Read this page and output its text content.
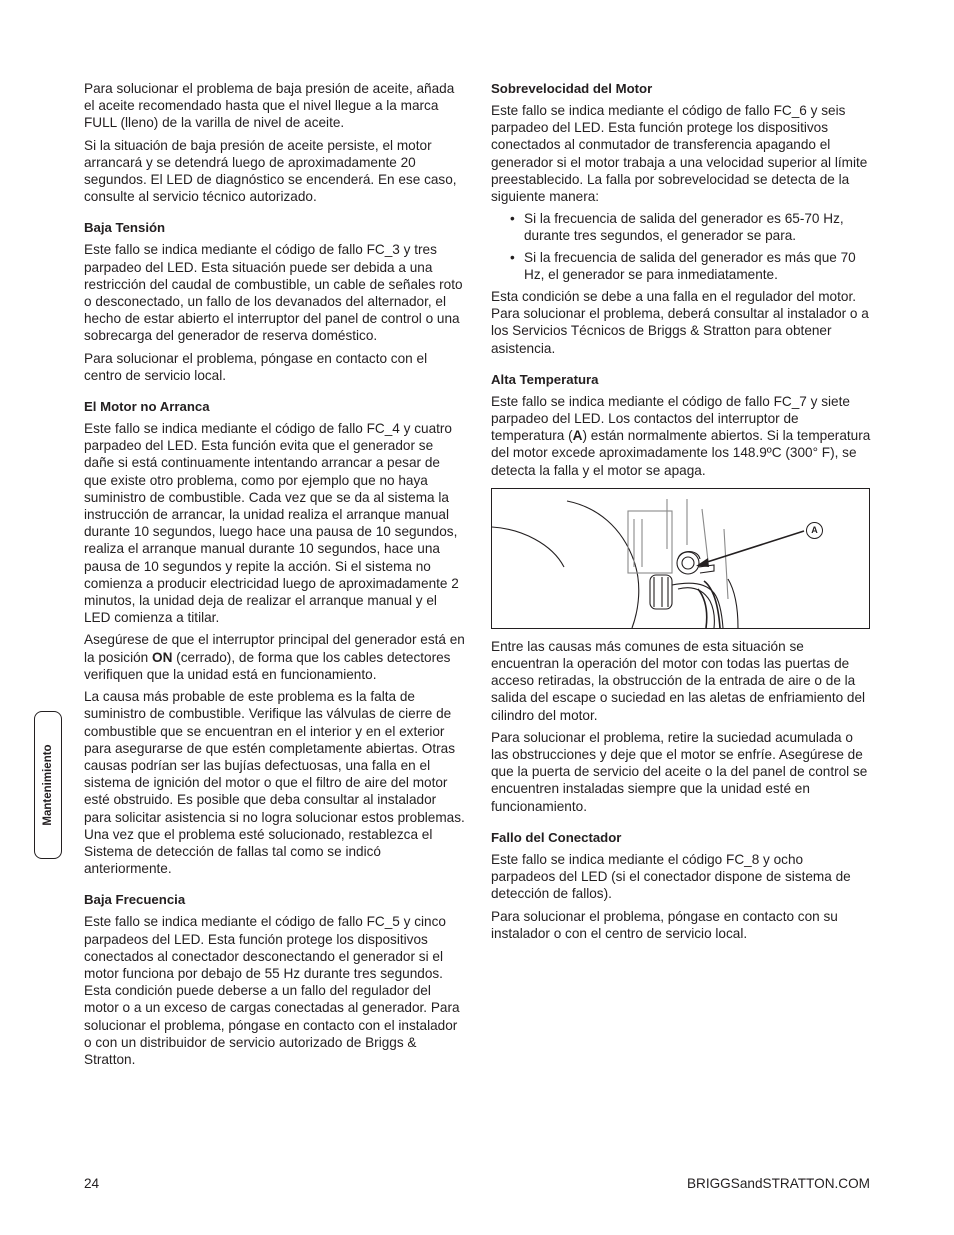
Para solucionar el problema de baja presión de aceite, añada el aceite recomendado hasta que el nivel llegue a la marca FULL (lleno) de la varilla de nivel de aceite.

Si la situación de baja presión de aceite persiste, el motor arrancará y se detendrá luego de aproximadamente 20 segundos. El LED de diagnóstico se encenderá. En ese caso, consulte al servicio técnico autorizado.

Baja Tensión

Este fallo se indica mediante el código de fallo FC_3 y tres parpadeo del LED. Esta situación puede ser debida a una restricción del caudal de combustible, un cable de señales roto o desconectado, un fallo de los devanados del alternador, el hecho de estar abierto el interruptor del panel de control o una sobrecarga del generador de reserva doméstico.

Para solucionar el problema, póngase en contacto con el centro de servicio local.

El Motor no Arranca

Este fallo se indica mediante el código de fallo FC_4 y cuatro parpadeo del LED. Esta función evita que el generador se dañe si está continuamente intentando arrancar a pesar de que existe otro problema, como por ejemplo que no haya suministro de combustible. Cada vez que se da al sistema la instrucción de arrancar, la unidad realiza el arranque manual durante 10 segundos, luego hace una pausa de 10 segundos, realiza el arranque manual durante 10 segundos, hace una pausa de 10 segundos y repite la acción. Si el sistema no comienza a producir electricidad luego de aproximadamente 2 minutos, la unidad deja de realizar el arranque manual y el LED comienza a titilar.

Asegúrese de que el interruptor principal del generador está en la posición ON (cerrado), de forma que los cables detectores verifiquen que la unidad está en funcionamiento.

La causa más probable de este problema es la falta de suministro de combustible. Verifique las válvulas de cierre de combustible que se encuentran en el interior y en el exterior para asegurarse de que estén completamente abiertas. Otras causas podrían ser las bujías defectuosas, una falla en el sistema de ignición del motor o que el filtro de aire del motor esté obstruido. Es posible que deba consultar al instalador para solicitar asistencia si no logra solucionar estos problemas. Una vez que el problema esté solucionado, restablezca el Sistema de detección de fallas tal como se indicó anteriormente.

Baja Frecuencia

Este fallo se indica mediante el código de fallo FC_5 y cinco parpadeos del LED. Esta función protege los dispositivos conectados al conectador desconectando el generador si el motor funciona por debajo de 55 Hz durante tres segundos. Esta condición puede deberse a un fallo del regulador del motor o a un exceso de cargas conectadas al generador. Para solucionar el problema, póngase en contacto con el instalador o con un distribuidor de servicio autorizado de Briggs & Stratton.

Sobrevelocidad del Motor

Este fallo se indica mediante el código de fallo FC_6 y seis parpadeo del LED. Esta función protege los dispositivos conectados al conmutador de transferencia apagando el generador si el motor trabaja a una velocidad superior al límite preestablecido. La falla por sobrevelocidad se detecta de la siguiente manera:

• Si la frecuencia de salida del generador es 65-70 Hz, durante tres segundos, el generador se para.
• Si la frecuencia de salida del generador es más que 70 Hz, el generador se para inmediatamente.

Esta condición se debe a una falla en el regulador del motor. Para solucionar el problema, deberá consultar al instalador o a los Servicios Técnicos de Briggs & Stratton para obtener asistencia.

Alta Temperatura

Este fallo se indica mediante el código de fallo FC_7 y siete parpadeo del LED. Los contactos del interruptor de temperatura (A) están normalmente abiertos. Si la temperatura del motor excede aproximadamente los 148.9ºC (300° F), se detecta la falla y el motor se apaga.

A

Entre las causas más comunes de esta situación se encuentran la operación del motor con todas las puertas de acceso retiradas, la obstrucción de la entrada de aire o de la salida del escape o suciedad en las aletas de enfriamiento del cilindro del motor.

Para solucionar el problema, retire la suciedad acumulada o las obstrucciones y deje que el motor se enfríe. Asegúrese de que la puerta de servicio del aceite o la del panel de control se encuentren instaladas siempre que la unidad esté en funcionamiento.

Fallo del Conectador

Este fallo se indica mediante el código FC_8 y ocho parpadeos del LED (si el conectador dispone de sistema de detección de fallos).

Para solucionar el problema, póngase en contacto con su instalador o con el centro de servicio local.

Mantenimiento
24	BRIGGSandSTRATTON.COM
